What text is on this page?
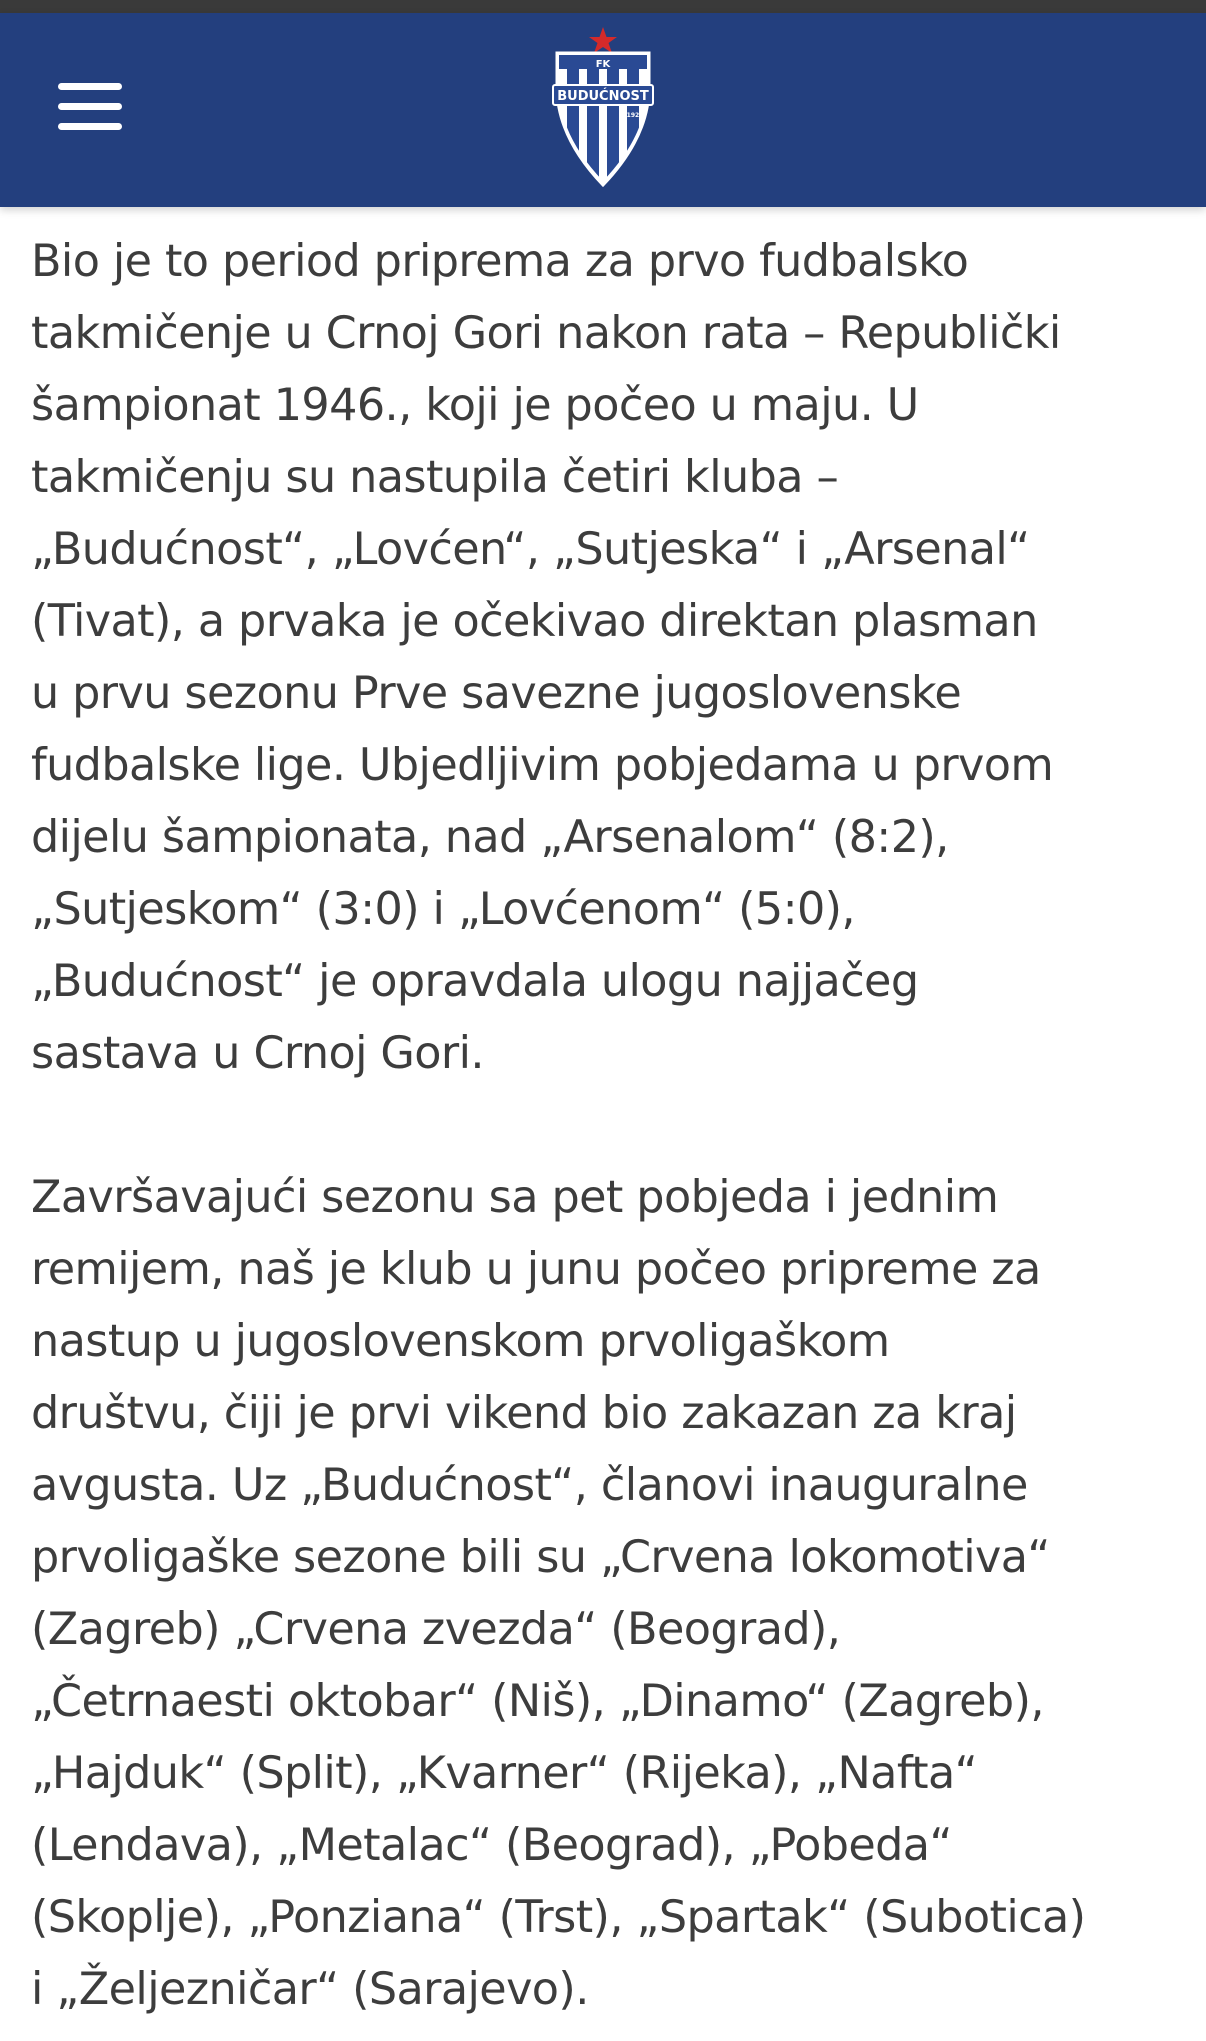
FK
BUDUĆNOST
1925

Bio je to period priprema za prvo fudbalsko
takmičenje u Crnoj Gori nakon rata – Republički
šampionat 1946., koji je počeo u maju. U
takmičenju su nastupila četiri kluba –
„Budućnost“, „Lovćen“, „Sutjeska“ i „Arsenal“
(Tivat), a prvaka je očekivao direktan plasman
u prvu sezonu Prve savezne jugoslovenske
fudbalske lige. Ubjedljivim pobjedama u prvom
dijelu šampionata, nad „Arsenalom“ (8:2),
„Sutjeskom“ (3:0) i „Lovćenom“ (5:0),
„Budućnost“ je opravdala ulogu najjačeg
sastava u Crnoj Gori.

Završavajući sezonu sa pet pobjeda i jednim
remijem, naš je klub u junu počeo pripreme za
nastup u jugoslovenskom prvoligaškom
društvu, čiji je prvi vikend bio zakazan za kraj
avgusta. Uz „Budućnost“, članovi inauguralne
prvoligaške sezone bili su „Crvena lokomotiva“
(Zagreb) „Crvena zvezda“ (Beograd),
„Četrnaesti oktobar“ (Niš), „Dinamo“ (Zagreb),
„Hajduk“ (Split), „Kvarner“ (Rijeka), „Nafta“
(Lendava), „Metalac“ (Beograd), „Pobeda“
(Skoplje), „Ponziana“ (Trst), „Spartak“ (Subotica)
i „Željezničar“ (Sarajevo).
